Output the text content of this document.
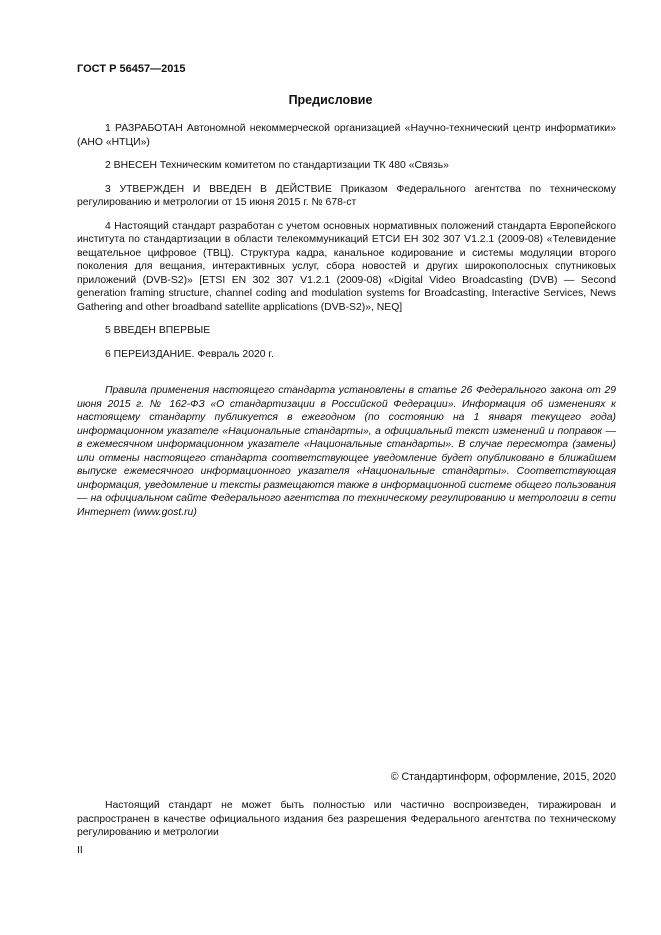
ГОСТ Р 56457—2015
Предисловие

1 РАЗРАБОТАН Автономной некоммерческой организацией «Научно-технический центр информатики» (АНО «НТЦИ»)

2 ВНЕСЕН Техническим комитетом по стандартизации ТК 480 «Связь»

3 УТВЕРЖДЕН И ВВЕДЕН В ДЕЙСТВИЕ Приказом Федерального агентства по техническому регулированию и метрологии от 15 июня 2015 г. № 678-ст

4 Настоящий стандарт разработан с учетом основных нормативных положений стандарта Европейского института по стандартизации в области телекоммуникаций ЕТСИ ЕН 302 307 V1.2.1 (2009-08) «Телевидение вещательное цифровое (ТВЦ). Структура кадра, канальное кодирование и системы модуляции второго поколения для вещания, интерактивных услуг, сбора новостей и других широкополосных спутниковых приложений (DVB-S2)» [ETSI EN 302 307 V1.2.1 (2009-08) «Digital Video Broadcasting (DVB) — Second generation framing structure, channel coding and modulation systems for Broadcasting, Interactive Services, News Gathering and other broadband satellite applications (DVB-S2)», NEQ]

5 ВВЕДЕН ВПЕРВЫЕ

6 ПЕРЕИЗДАНИЕ. Февраль 2020 г.

Правила применения настоящего стандарта установлены в статье 26 Федерального закона от 29 июня 2015 г. № 162-ФЗ «О стандартизации в Российской Федерации». Информация об изменениях к настоящему стандарту публикуется в ежегодном (по состоянию на 1 января текущего года) информационном указателе «Национальные стандарты», а официальный текст изменений и поправок — в ежемесячном информационном указателе «Национальные стандарты». В случае пересмотра (замены) или отмены настоящего стандарта соответствующее уведомление будет опубликовано в ближайшем выпуске ежемесячного информационного указателя «Национальные стандарты». Соответствующая информация, уведомление и тексты размещаются также в информационной системе общего пользования — на официальном сайте Федерального агентства по техническому регулированию и метрологии в сети Интернет (www.gost.ru)

© Стандартинформ, оформление, 2015, 2020

Настоящий стандарт не может быть полностью или частично воспроизведен, тиражирован и распространен в качестве официального издания без разрешения Федерального агентства по техническому регулированию и метрологии

II
